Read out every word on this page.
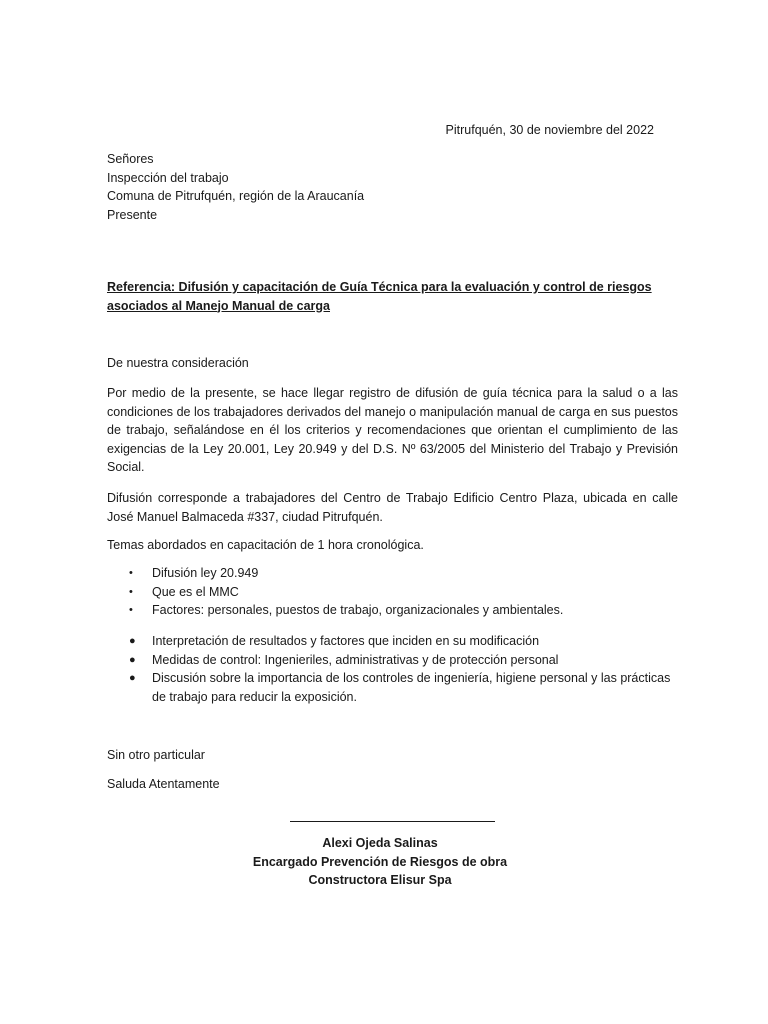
Pitrufquén, 30 de noviembre del 2022
Señores
Inspección del trabajo
Comuna de Pitrufquén, región de la Araucanía
Presente
Referencia: Difusión y capacitación de Guía Técnica para la evaluación y control de riesgos asociados al Manejo Manual de carga
De nuestra consideración
Por medio de la presente, se hace llegar registro de difusión de guía técnica para la salud o a las condiciones de los trabajadores derivados del manejo o manipulación manual de carga en sus puestos de trabajo, señalándose en él los criterios y recomendaciones que orientan el cumplimiento de las exigencias de la Ley 20.001, Ley 20.949 y del D.S. Nº 63/2005 del Ministerio del Trabajo y Previsión Social.
Difusión corresponde a trabajadores del Centro de Trabajo Edificio Centro Plaza, ubicada en calle José Manuel Balmaceda #337, ciudad Pitrufquén.
Temas abordados en capacitación de 1 hora cronológica.
• Difusión ley 20.949
• Que es el MMC
• Factores: personales, puestos de trabajo, organizacionales y ambientales.
● Interpretación de resultados y factores que inciden en su modificación
● Medidas de control: Ingenieriles, administrativas y de protección personal
● Discusión sobre la importancia de los controles de ingeniería, higiene personal y las prácticas de trabajo para reducir la exposición.
Sin otro particular
Saluda Atentamente
Alexi Ojeda Salinas
Encargado Prevención de Riesgos de obra
Constructora Elisur Spa
